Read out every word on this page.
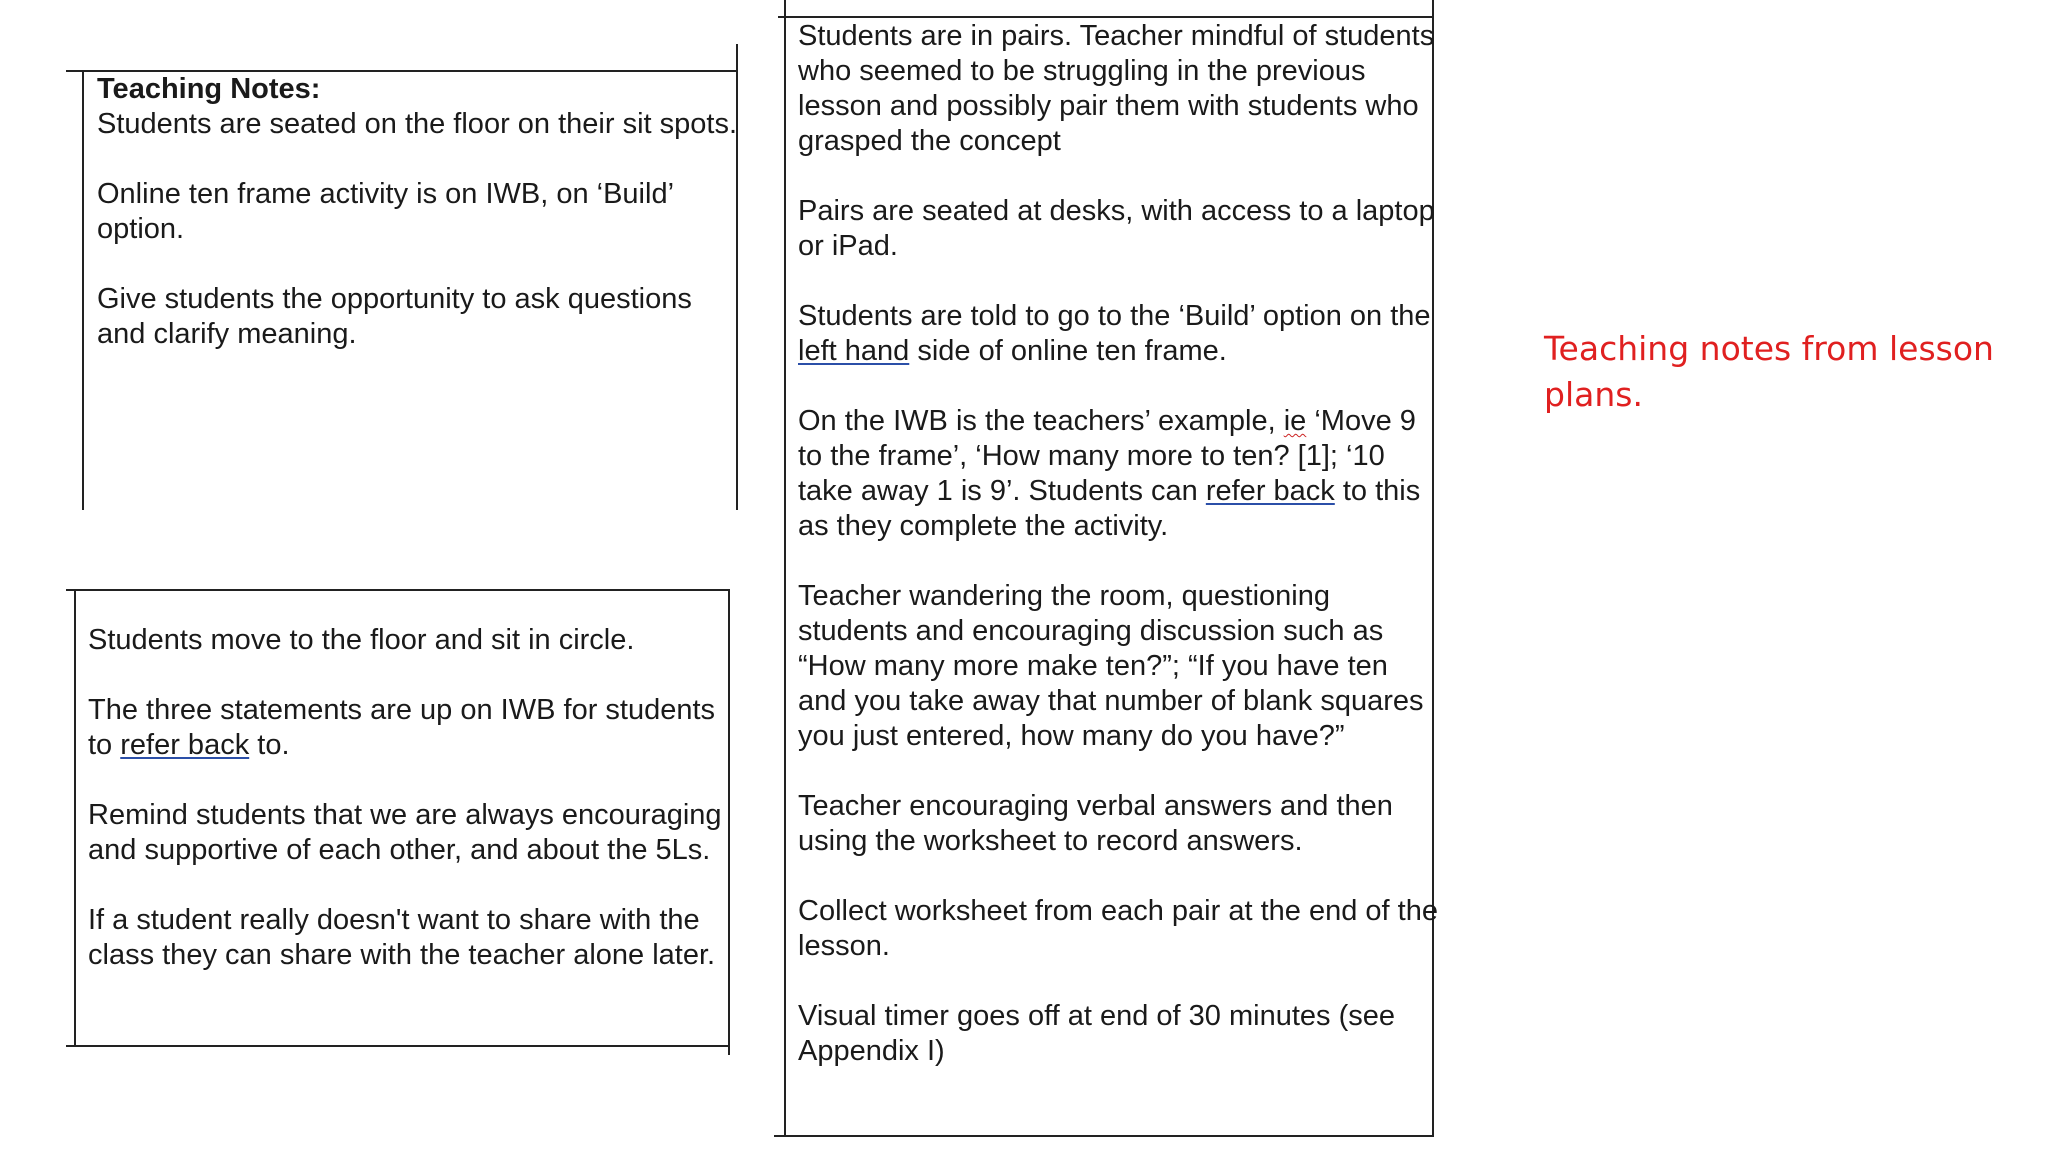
Teaching Notes:
Students are seated on the floor on their sit spots.

Online ten frame activity is on IWB, on ‘Build’ option.

Give students the opportunity to ask questions and clarify meaning.

Students move to the floor and sit in circle.

The three statements are up on IWB for students to refer back to.

Remind students that we are always encouraging and supportive of each other, and about the 5Ls.

If a student really doesn't want to share with the class they can share with the teacher alone later.

Students are in pairs. Teacher mindful of students who seemed to be struggling in the previous lesson and possibly pair them with students who grasped the concept

Pairs are seated at desks, with access to a laptop or iPad.

Students are told to go to the ‘Build’ option on the left hand side of online ten frame.

On the IWB is the teachers’ example, ie ‘Move 9 to the frame’, ‘How many more to ten? [1]; ‘10 take away 1 is 9’. Students can refer back to this as they complete the activity.

Teacher wandering the room, questioning students and encouraging discussion such as “How many more make ten?”; “If you have ten and you take away that number of blank squares you just entered, how many do you have?”

Teacher encouraging verbal answers and then using the worksheet to record answers.

Collect worksheet from each pair at the end of the lesson.

Visual timer goes off at end of 30 minutes (see Appendix I)

Teaching notes from lesson plans.
